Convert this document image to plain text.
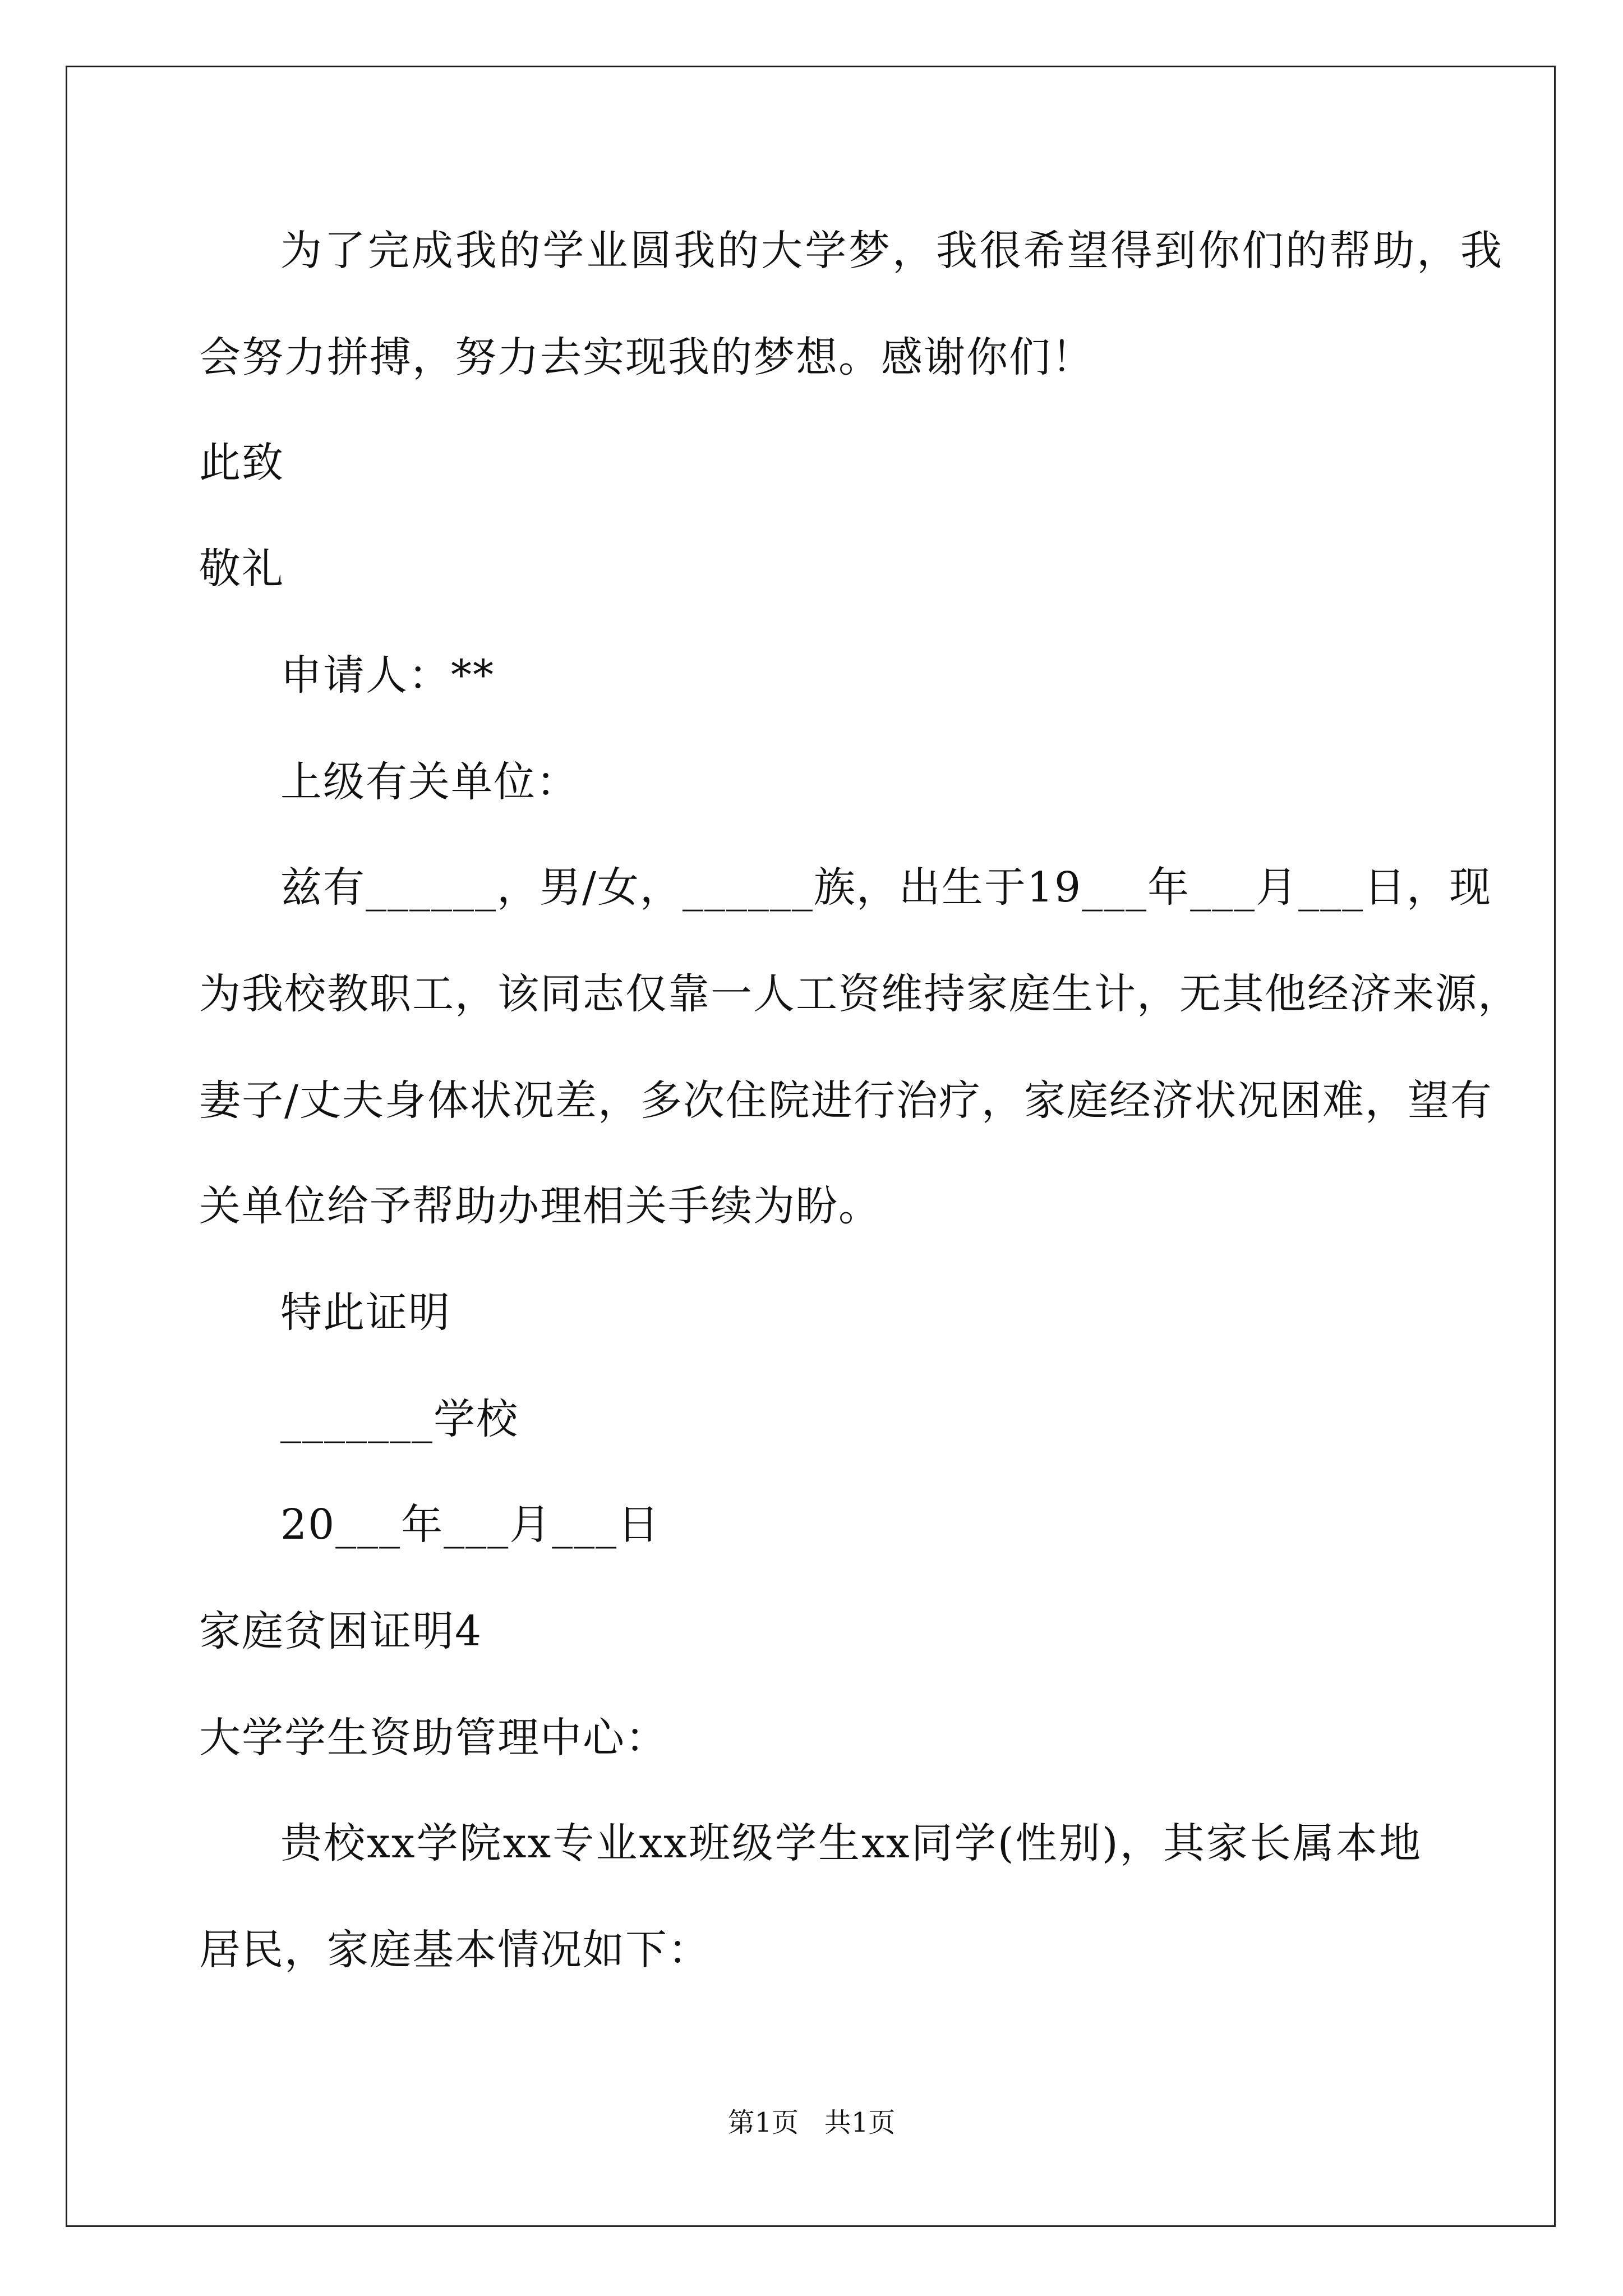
为了完成我的学业圆我的大学梦，我很希望得到你们的帮助，我
会努力拼搏，努力去实现我的梦想。感谢你们！
此致
敬礼
申请人：**
上级有关单位：
兹有______，男/女，______族，出生于19___年___月___日，现
为我校教职工，该同志仅靠一人工资维持家庭生计，无其他经济来源，
妻子/丈夫身体状况差，多次住院进行治疗，家庭经济状况困难，望有
关单位给予帮助办理相关手续为盼。
特此证明
_______学校
20___年___月___日
家庭贫困证明4
大学学生资助管理中心：
贵校xx学院xx专业xx班级学生xx同学(性别)，其家长属本地
居民，家庭基本情况如下：
第1页   共1页
